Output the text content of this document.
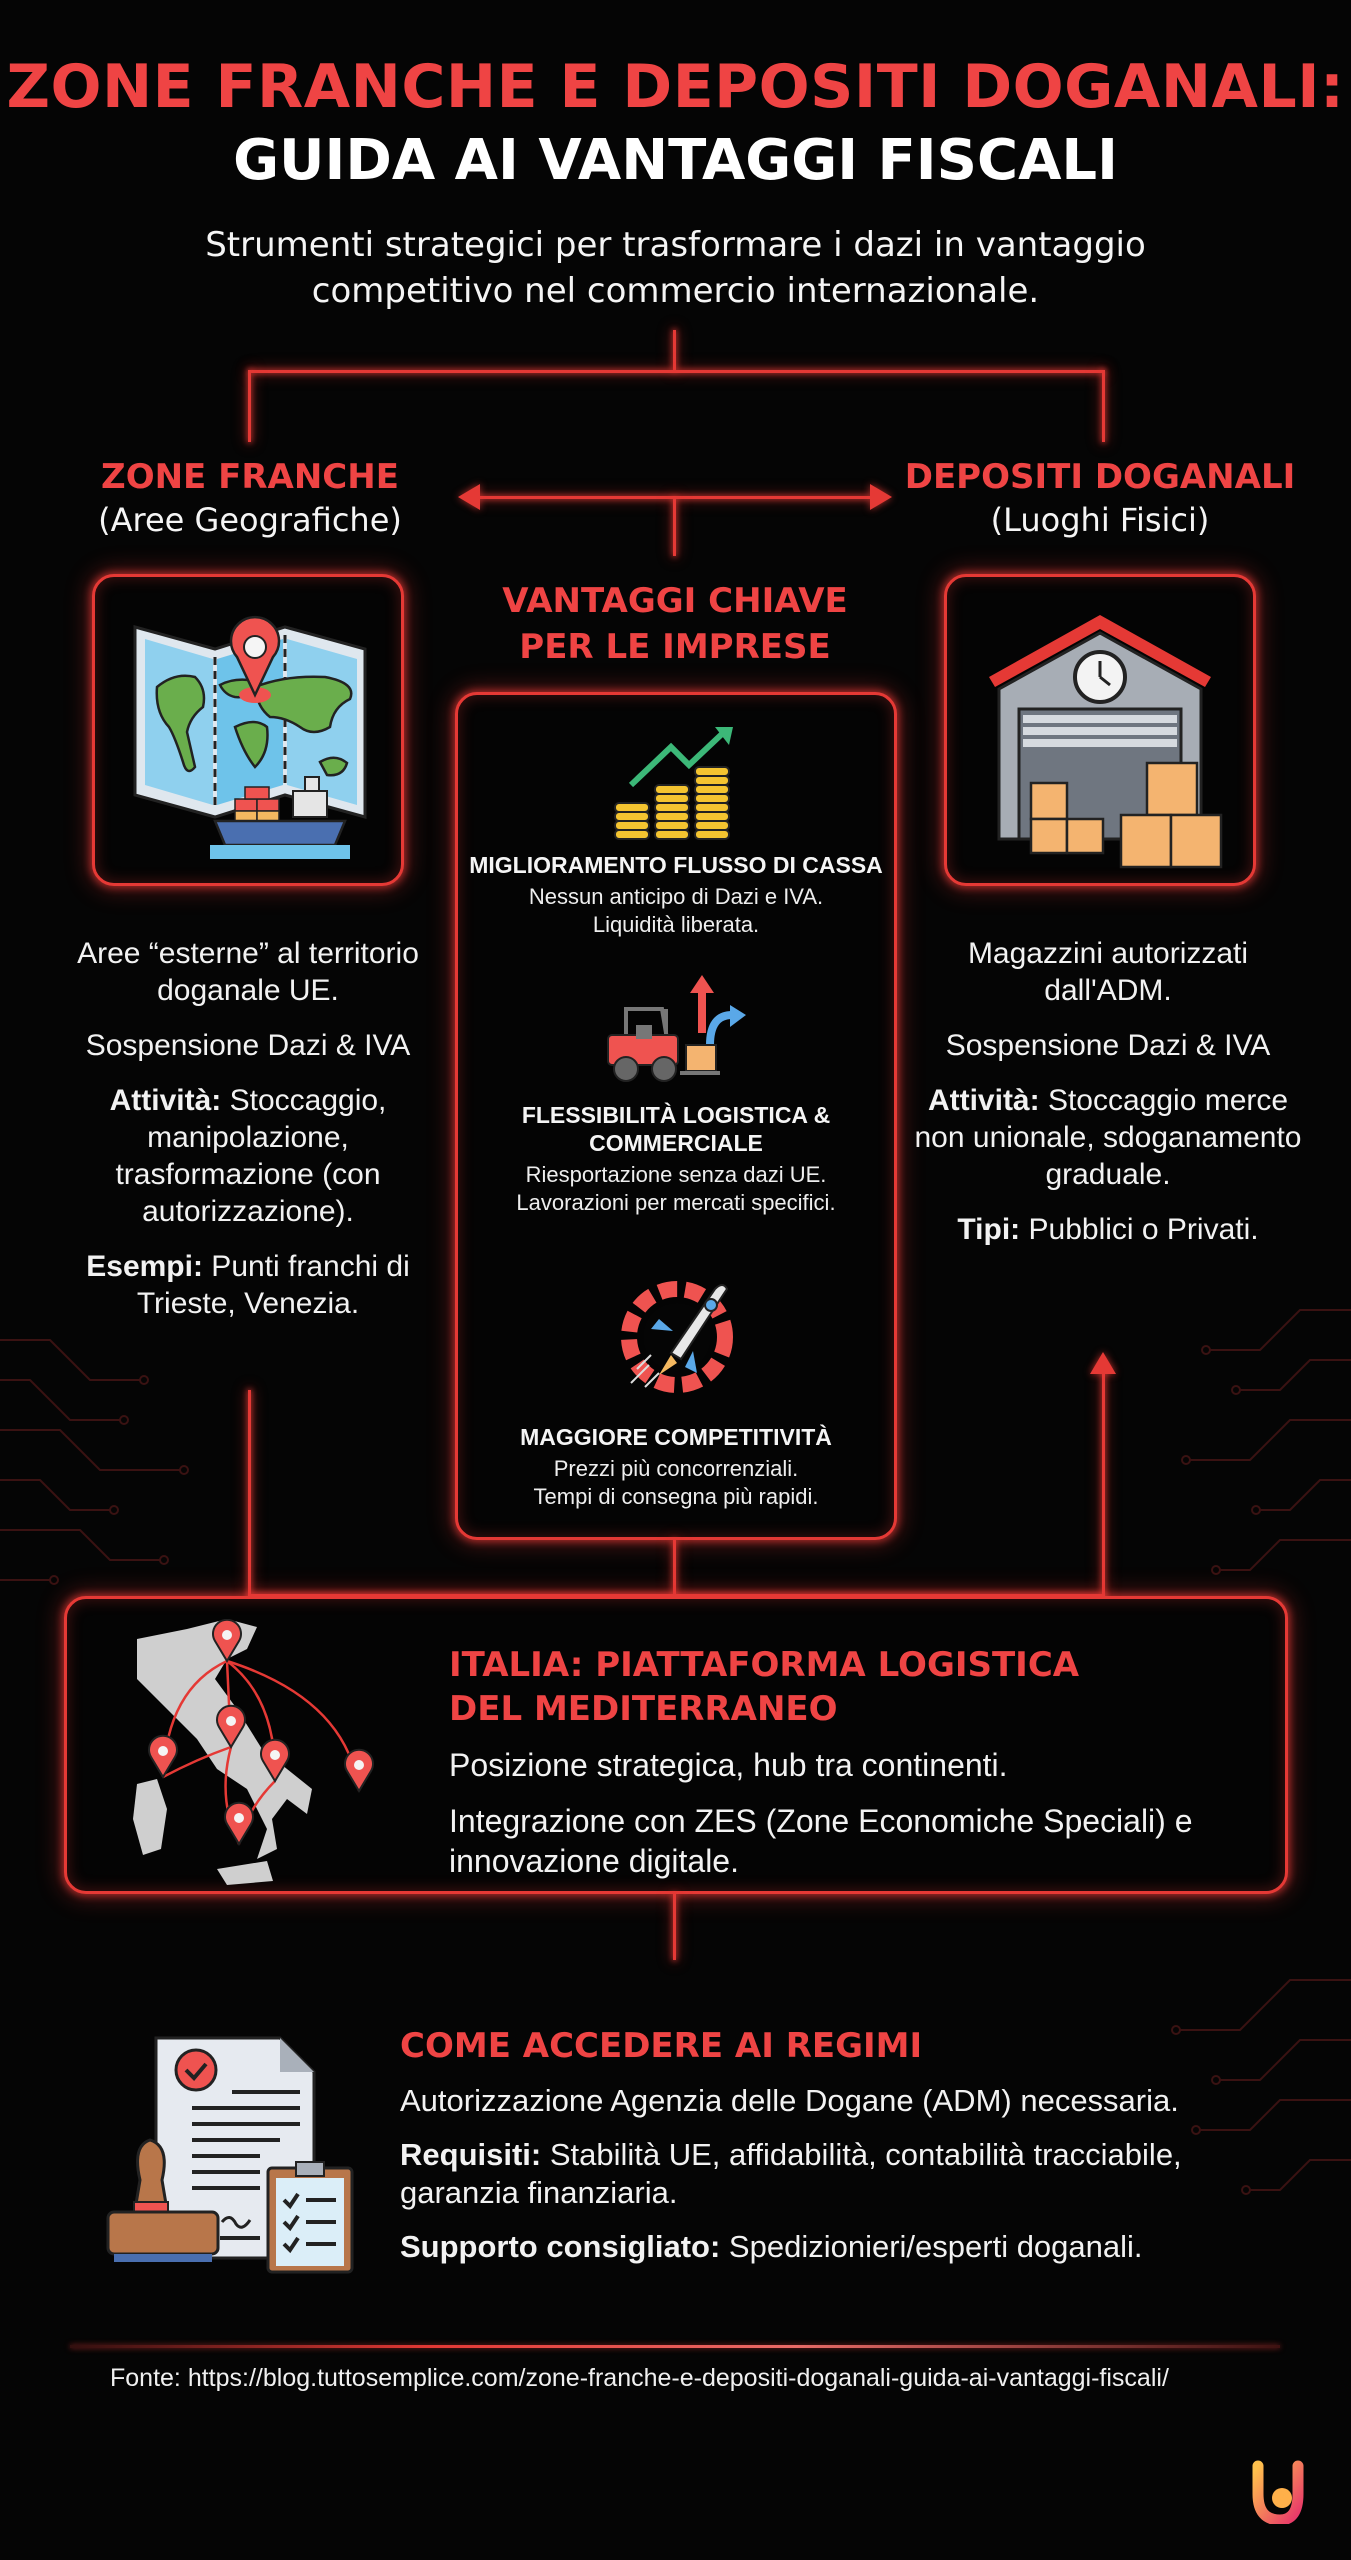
ZONE FRANCHE E DEPOSITI DOGANALI:
GUIDA AI VANTAGGI FISCALI
Strumenti strategici per trasformare i dazi in vantaggio competitivo nel commercio internazionale.
ZONE FRANCHE
(Aree Geografiche)
DEPOSITI DOGANALI
(Luoghi Fisici)

Aree “esterne” al territorio doganale UE.

Sospensione Dazi & IVA

Attività: Stoccaggio, manipolazione, trasformazione (con autorizzazione).

Esempi: Punti franchi di Trieste, Venezia.

Magazzini autorizzati dall'ADM.

Sospensione Dazi & IVA

Attività: Stoccaggio merce non unionale, sdoganamento graduale.

Tipi: Pubblici o Privati.

VANTAGGI CHIAVE
PER LE IMPRESE
MIGLIORAMENTO FLUSSO DI CASSA
Nessun anticipo di Dazi e IVA.
Liquidità liberata.
FLESSIBILITÀ LOGISTICA & COMMERCIALE
Riesportazione senza dazi UE.
Lavorazioni per mercati specifici.
MAGGIORE COMPETITIVITÀ
Prezzi più concorrenziali.
Tempi di consegna più rapidi.
ITALIA: PIATTAFORMA LOGISTICA
DEL MEDITERRANEO

Posizione strategica, hub tra continenti.

Integrazione con ZES (Zone Economiche Speciali) e innovazione digitale.

COME ACCEDERE AI REGIMI

Autorizzazione Agenzia delle Dogane (ADM) necessaria.

Requisiti: Stabilità UE, affidabilità, contabilità tracciabile, garanzia finanziaria.

Supporto consigliato: Spedizionieri/esperti doganali.

Fonte: https://blog.tuttosemplice.com/zone-franche-e-depositi-doganali-guida-ai-vantaggi-fiscali/
